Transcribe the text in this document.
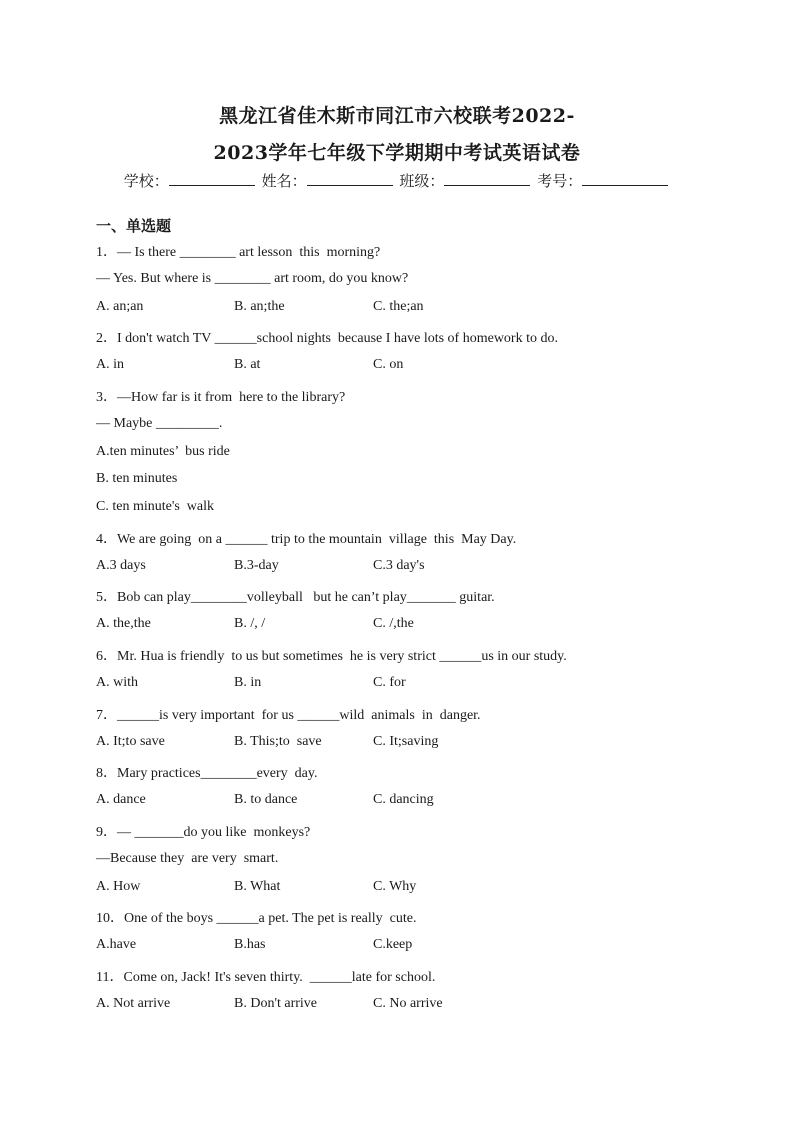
黑龙江省佳木斯市同江市六校联考2022-
2023学年七年级下学期期中考试英语试卷
学校：	姓名：	班级：	考号：
一、单选题
1．— Is there ________ art lesson  this  morning?
— Yes. But where is ________ art room, do you know?
A. an;an	B. an;the	C. the;an
2．I don't watch TV ______school nights  because I have lots of homework to do.
A. in	B. at	C. on
3．—How far is it from  here to the library?
— Maybe _________.
A.ten minutes’  bus ride
B. ten minutes
C. ten minute's  walk
4．We are going  on a ______ trip to the mountain  village  this  May Day.
A.3 days	B.3-day	C.3 day's
5．Bob can play________volleyball   but he can’t play_______ guitar.
A. the,the	B. /, /	C. /,the
6．Mr. Hua is friendly  to us but sometimes  he is very strict ______us in our study.
A. with	B. in	C. for
7．______is very important  for us ______wild  animals  in  danger.
A. It;to save	B. This;to  save	C. It;saving
8．Mary practices________every  day.
A. dance	B. to dance	C. dancing
9．— _______do you like  monkeys?
—Because they  are very  smart.
A. How	B. What	C. Why
10．One of the boys ______a pet. The pet is really  cute.
A.have	B.has	C.keep
11．Come on, Jack! It's seven thirty.  ______late for school.
A. Not arrive	B. Don't arrive	C. No arrive
